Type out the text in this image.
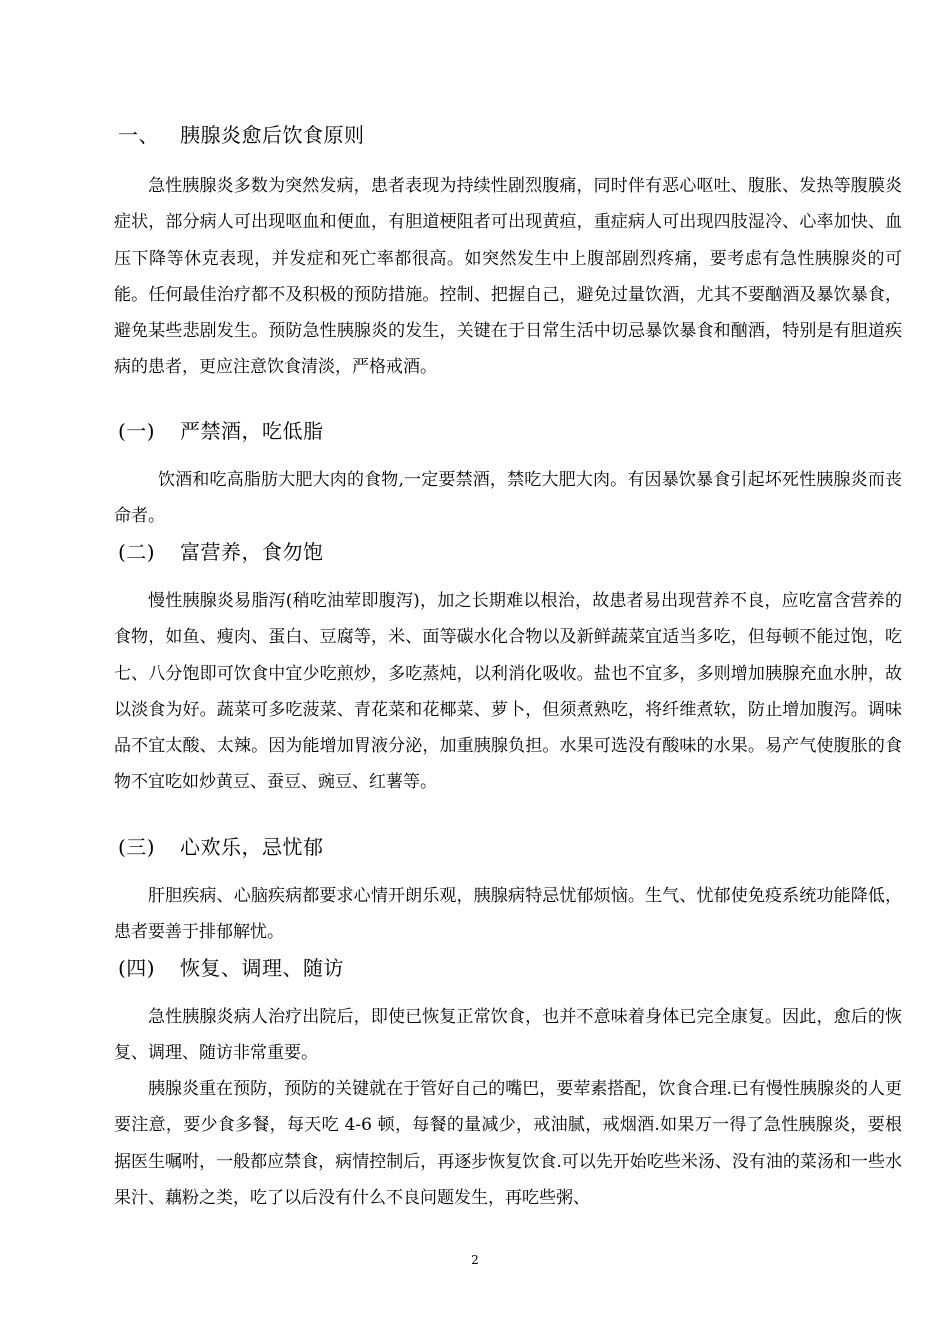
一、 胰腺炎愈后饮食原则

急性胰腺炎多数为突然发病，患者表现为持续性剧烈腹痛，同时伴有恶心呕吐、腹胀、发热等腹膜炎症状，部分病人可出现呕血和便血，有胆道梗阻者可出现黄疸，重症病人可出现四肢湿冷、心率加快、血压下降等休克表现，并发症和死亡率都很高。如突然发生中上腹部剧烈疼痛，要考虑有急性胰腺炎的可能。任何最佳治疗都不及积极的预防措施。控制、把握自己，避免过量饮酒，尤其不要酗酒及暴饮暴食，避免某些悲剧发生。预防急性胰腺炎的发生，关键在于日常生活中切忌暴饮暴食和酗酒，特别是有胆道疾病的患者，更应注意饮食清淡，严格戒酒。

(一) 严禁酒，吃低脂

饮酒和吃高脂肪大肥大肉的食物,一定要禁酒，禁吃大肥大肉。有因暴饮暴食引起坏死性胰腺炎而丧命者。

(二) 富营养，食勿饱

慢性胰腺炎易脂泻(稍吃油荤即腹泻)，加之长期难以根治，故患者易出现营养不良，应吃富含营养的食物，如鱼、瘦肉、蛋白、豆腐等，米、面等碳水化合物以及新鲜蔬菜宜适当多吃，但每顿不能过饱，吃七、八分饱即可饮食中宜少吃煎炒，多吃蒸炖，以利消化吸收。盐也不宜多，多则增加胰腺充血水肿，故以淡食为好。蔬菜可多吃菠菜、青花菜和花椰菜、萝卜，但须煮熟吃，将纤维煮软，防止增加腹泻。调味品不宜太酸、太辣。因为能增加胃液分泌，加重胰腺负担。水果可选没有酸味的水果。易产气使腹胀的食物不宜吃如炒黄豆、蚕豆、豌豆、红薯等。

(三) 心欢乐，忌忧郁

肝胆疾病、心脑疾病都要求心情开朗乐观，胰腺病特忌忧郁烦恼。生气、忧郁使免疫系统功能降低，患者要善于排郁解忧。

(四) 恢复、调理、随访

急性胰腺炎病人治疗出院后，即使已恢复正常饮食，也并不意味着身体已完全康复。因此，愈后的恢复、调理、随访非常重要。

胰腺炎重在预防，预防的关键就在于管好自己的嘴巴，要荤素搭配，饮食合理.已有慢性胰腺炎的人更要注意，要少食多餐，每天吃 4-6 顿，每餐的量减少，戒油腻，戒烟酒.如果万一得了急性胰腺炎，要根据医生嘱咐，一般都应禁食，病情控制后，再逐步恢复饮食.可以先开始吃些米汤、没有油的菜汤和一些水果汁、藕粉之类，吃了以后没有什么不良问题发生，再吃些粥、

2
